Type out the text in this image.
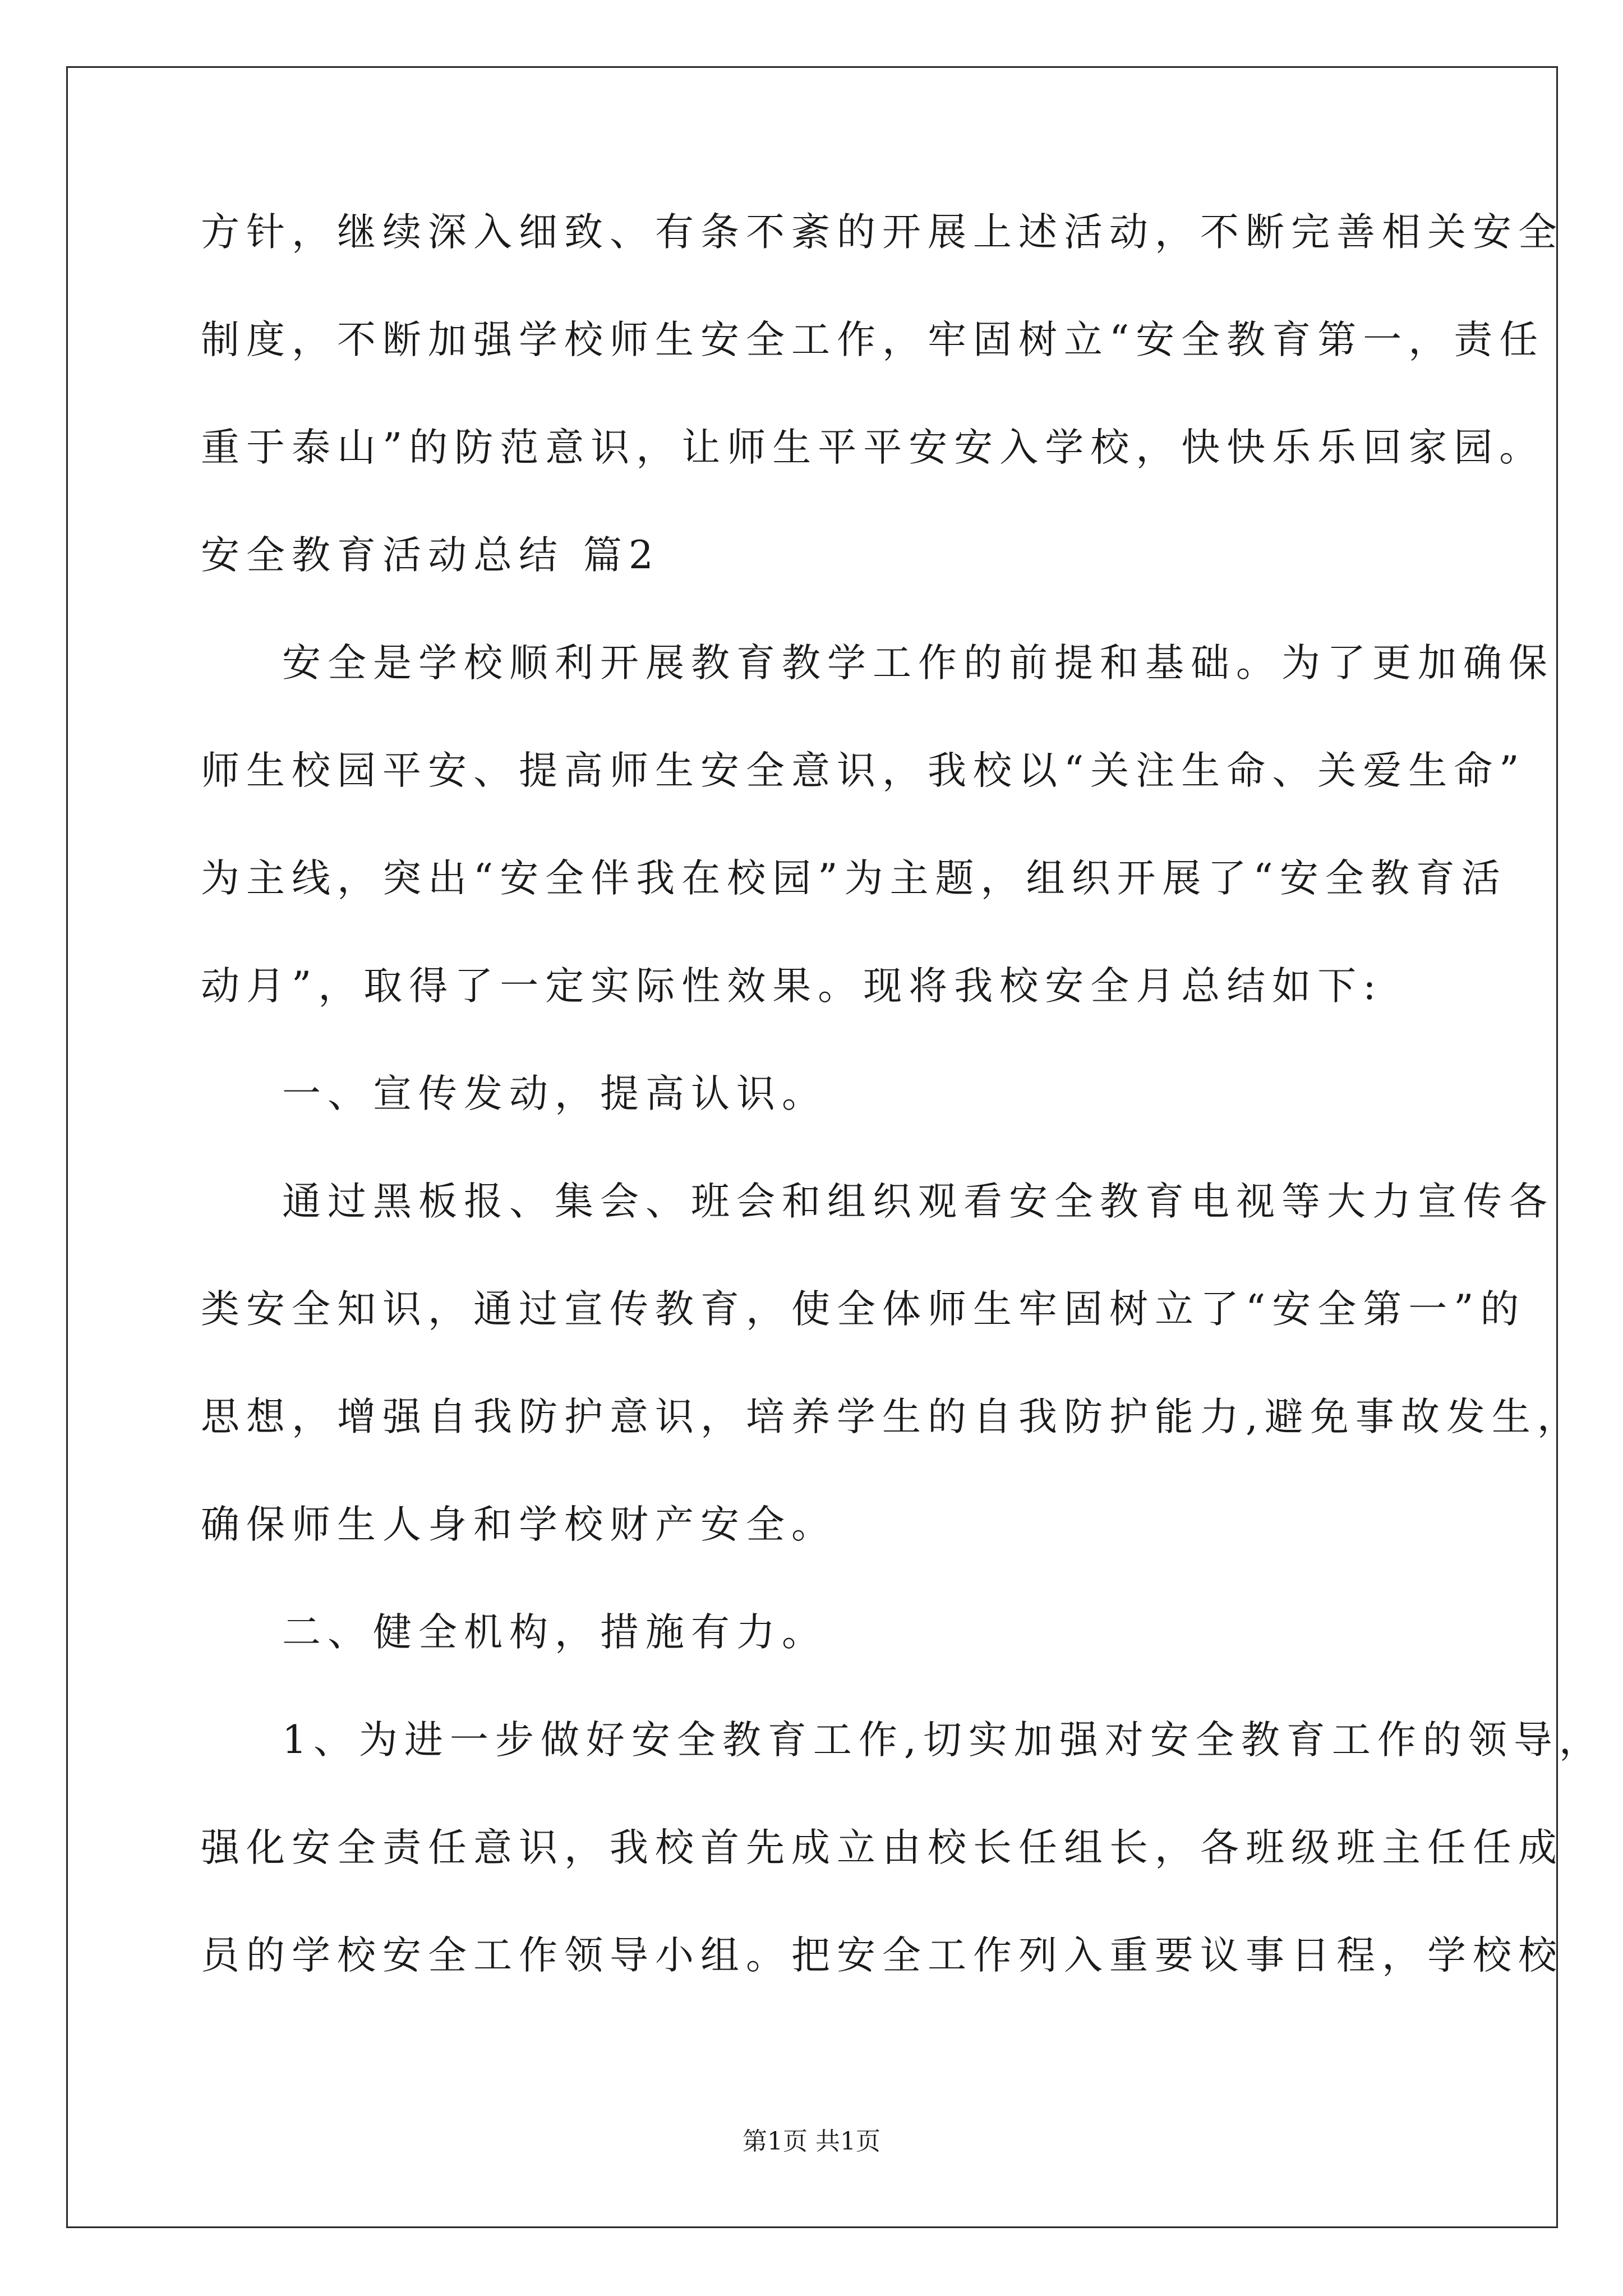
方针，继续深入细致、有条不紊的开展上述活动，不断完善相关安全
制度，不断加强学校师生安全工作，牢固树立“安全教育第一，责任
重于泰山”的防范意识，让师生平平安安入学校，快快乐乐回家园。
安全教育活动总结 篇2
安全是学校顺利开展教育教学工作的前提和基础。为了更加确保
师生校园平安、提高师生安全意识，我校以“关注生命、关爱生命”
为主线，突出“安全伴我在校园”为主题，组织开展了“安全教育活
动月”，取得了一定实际性效果。现将我校安全月总结如下:
一、宣传发动，提高认识。
通过黑板报、集会、班会和组织观看安全教育电视等大力宣传各
类安全知识，通过宣传教育，使全体师生牢固树立了“安全第一”的
思想，增强自我防护意识，培养学生的自我防护能力,避免事故发生，
确保师生人身和学校财产安全。
二、健全机构，措施有力。
1、为进一步做好安全教育工作,切实加强对安全教育工作的领导，
强化安全责任意识，我校首先成立由校长任组长，各班级班主任任成
员的学校安全工作领导小组。把安全工作列入重要议事日程，学校校
第1页 共1页
